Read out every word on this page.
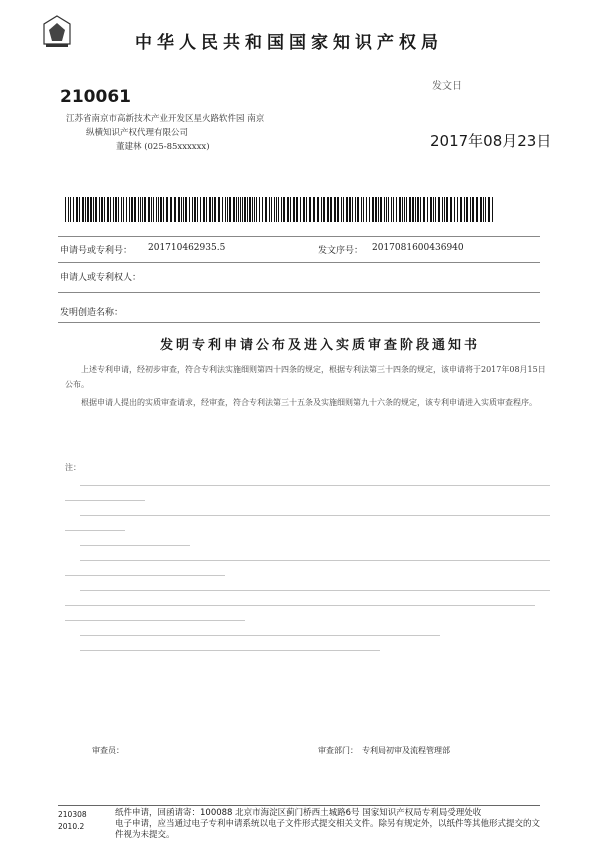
中华人民共和国国家知识产权局
210061
发文日
江苏省南京市高新技术产业开发区星火路软件园 南京
纵横知识产权代理有限公司
董建林 (025-85xxxxxx)	2017年08月23日
申请号或专利号： 201710462935.5	发文序号： 2017081600436940
申请人或专利权人：
发明创造名称：
发明专利申请公布及进入实质审查阶段通知书
上述专利申请，经初步审查，符合专利法实施细则第四十四条的规定，根据专利法第三十四条的规定，该申请将于2017年08月15日公布。
根据申请人提出的实质审查请求，经审查，符合专利法第三十五条及实施细则第九十六条的规定，该专利申请进入实质审查程序。
注：
审查员：	审查部门： 专利局初审及流程管理部
210308
2010.2
纸件申请，回函请寄：100088 北京市海淀区蓟门桥西土城路6号 国家知识产权局专利局受理处收
电子申请，应当通过电子专利申请系统以电子文件形式提交相关文件。除另有规定外，以纸件等其他形式提交的文件视为未提交。
